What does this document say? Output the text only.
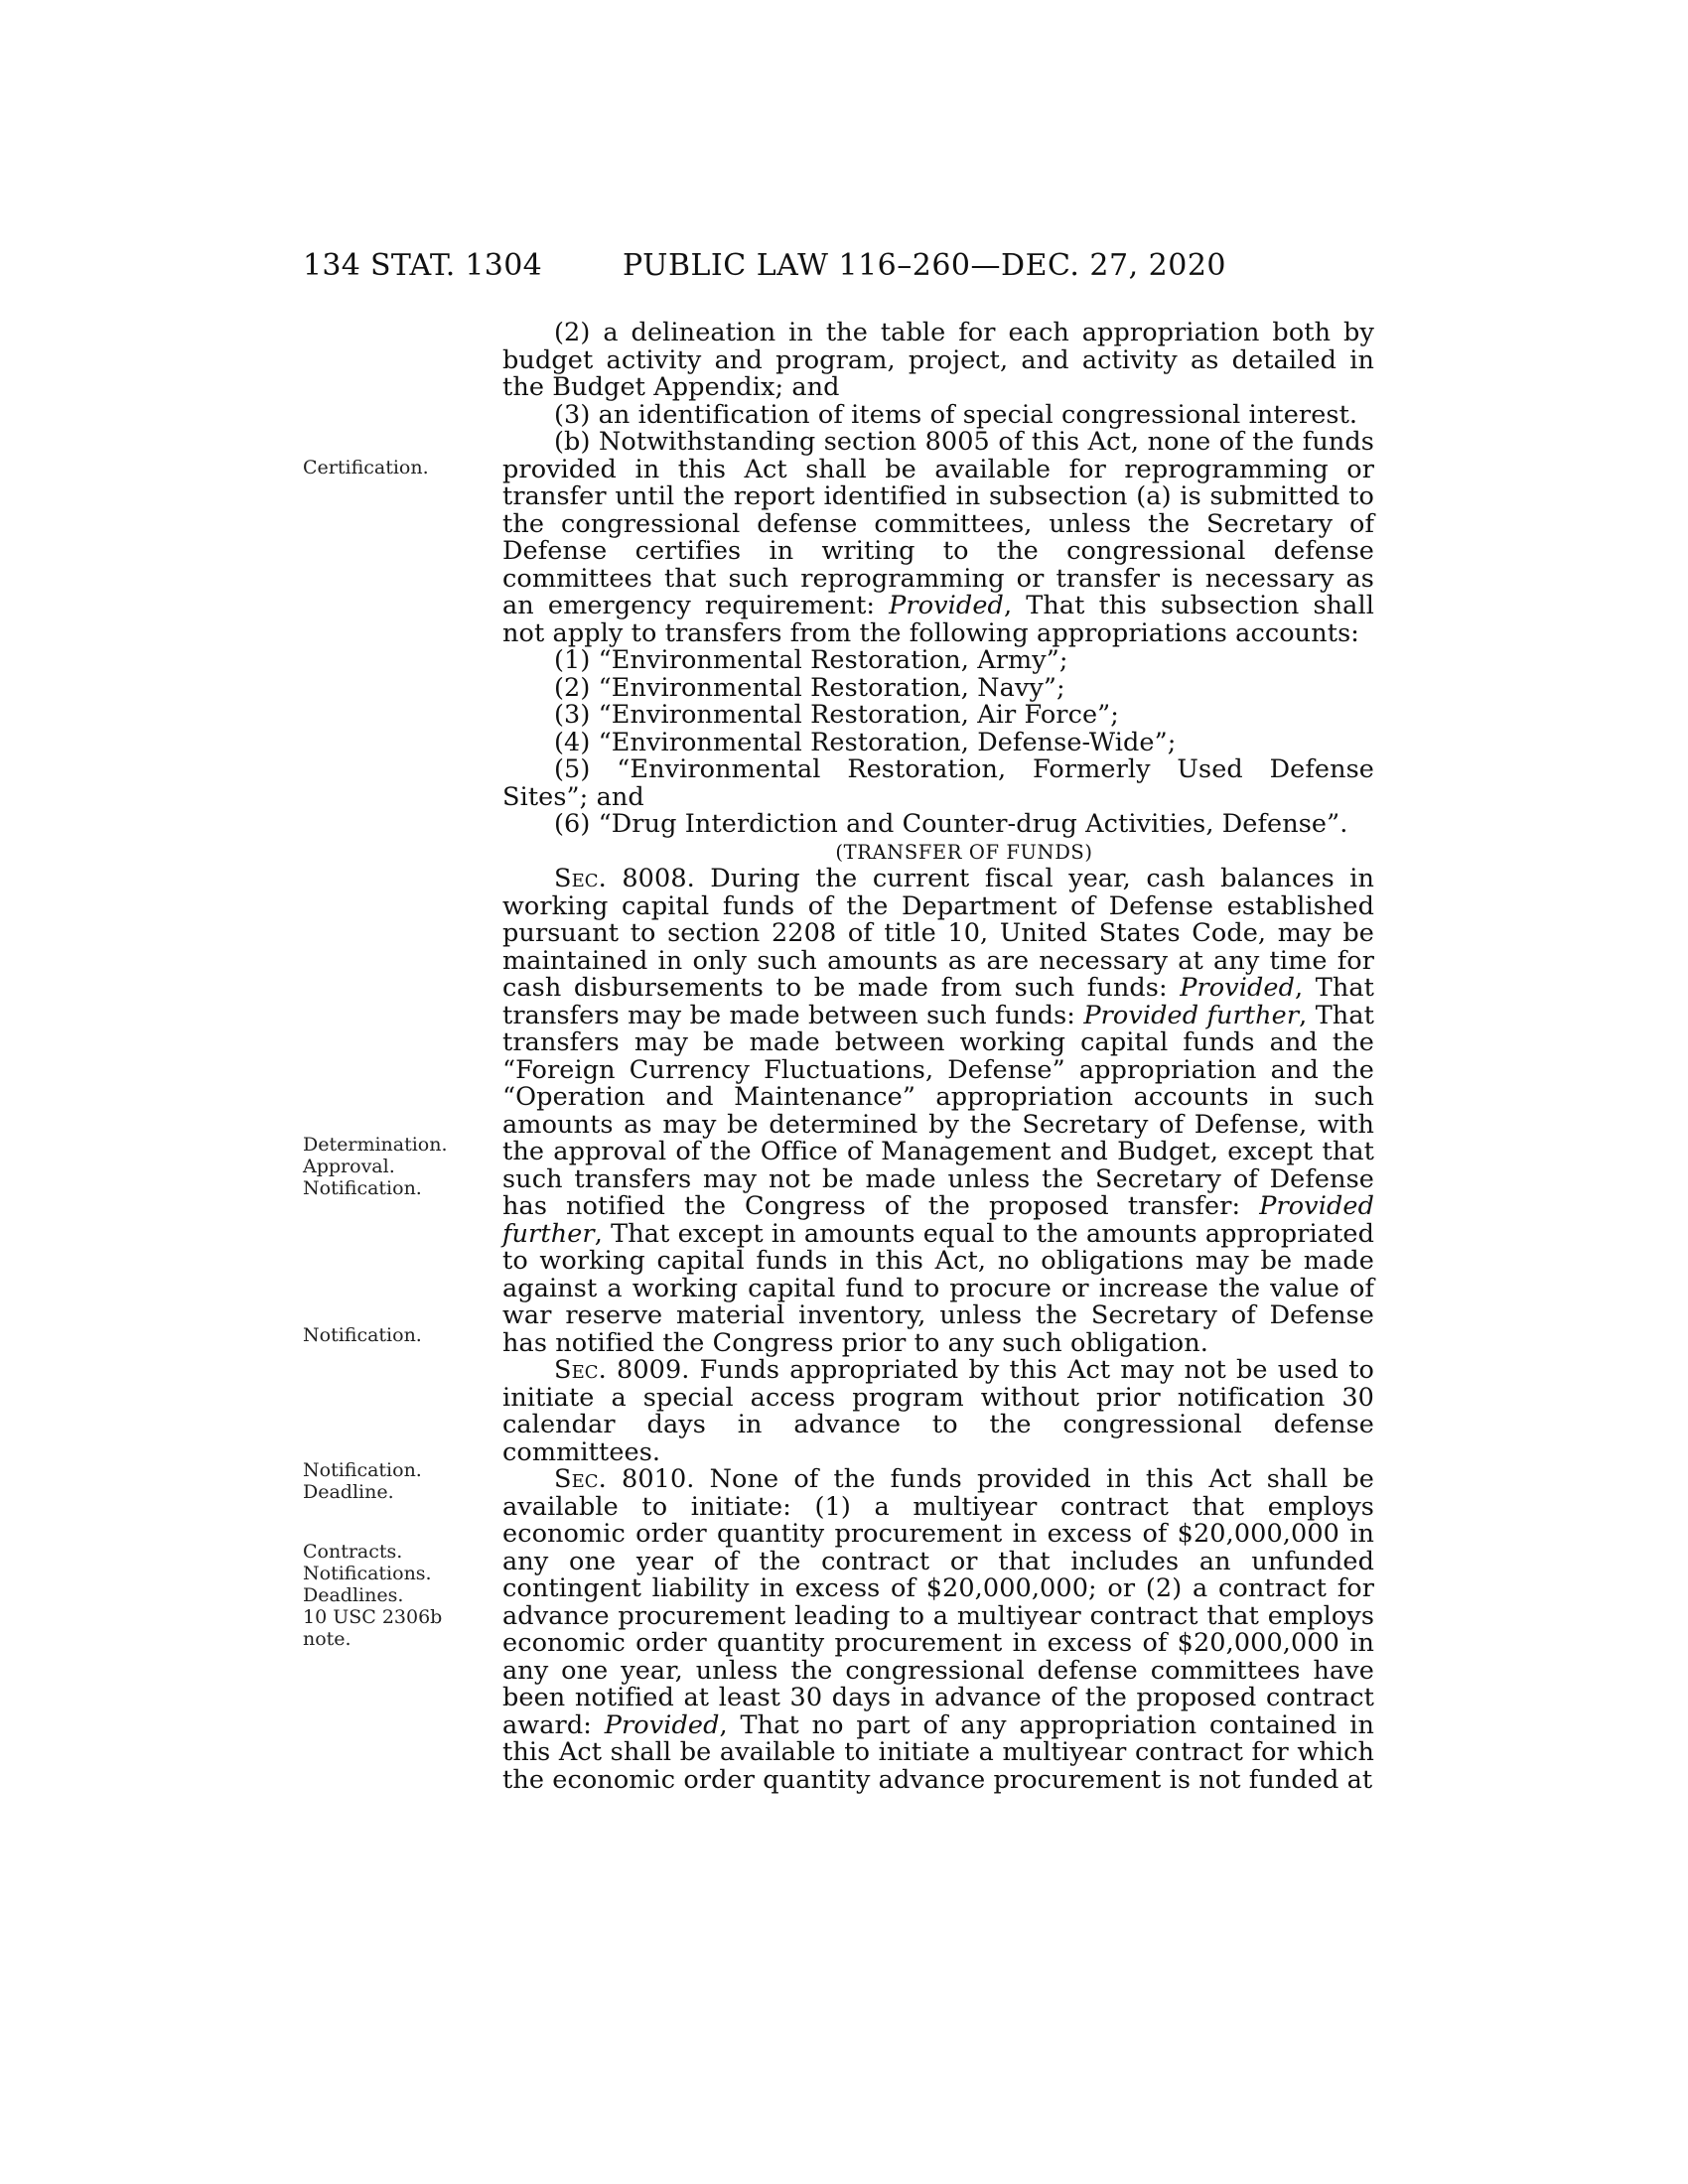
134 STAT. 1304	PUBLIC LAW 116–260—DEC. 27, 2020
Certification.
Determination.
Approval.
Notification.
Notification.
Notification.
Deadline.
Contracts.
Notifications.
Deadlines.
10 USC 2306b
note.

(2) a delineation in the table for each appropriation both by budget activity and program, project, and activity as detailed in the Budget Appendix; and

(3) an identification of items of special congressional interest.

(b) Notwithstanding section 8005 of this Act, none of the funds provided in this Act shall be available for reprogramming or transfer until the report identified in subsection (a) is submitted to the congressional defense committees, unless the Secretary of Defense certifies in writing to the congressional defense committees that such reprogramming or transfer is necessary as an emergency requirement: Provided, That this subsection shall not apply to transfers from the following appropriations accounts:

(1) “Environmental Restoration, Army”;

(2) “Environmental Restoration, Navy”;

(3) “Environmental Restoration, Air Force”;

(4) “Environmental Restoration, Defense-Wide”;

(5) “Environmental Restoration, Formerly Used Defense Sites”; and

(6) “Drug Interdiction and Counter-drug Activities, Defense”.

(TRANSFER OF FUNDS)

Sec. 8008. During the current fiscal year, cash balances in working capital funds of the Department of Defense established pursuant to section 2208 of title 10, United States Code, may be maintained in only such amounts as are necessary at any time for cash disbursements to be made from such funds: Provided, That transfers may be made between such funds: Provided further, That transfers may be made between working capital funds and the “Foreign Currency Fluctuations, Defense” appropriation and the “Operation and Maintenance” appropriation accounts in such amounts as may be determined by the Secretary of Defense, with the approval of the Office of Management and Budget, except that such transfers may not be made unless the Secretary of Defense has notified the Congress of the proposed transfer: Provided further, That except in amounts equal to the amounts appropriated to working capital funds in this Act, no obligations may be made against a working capital fund to procure or increase the value of war reserve material inventory, unless the Secretary of Defense has notified the Congress prior to any such obligation.

Sec. 8009. Funds appropriated by this Act may not be used to initiate a special access program without prior notification 30 calendar days in advance to the congressional defense committees.

Sec. 8010. None of the funds provided in this Act shall be available to initiate: (1) a multiyear contract that employs economic order quantity procurement in excess of $20,000,000 in any one year of the contract or that includes an unfunded contingent liability in excess of $20,000,000; or (2) a contract for advance procurement leading to a multiyear contract that employs economic order quantity procurement in excess of $20,000,000 in any one year, unless the congressional defense committees have been notified at least 30 days in advance of the proposed contract award: Provided, That no part of any appropriation contained in this Act shall be available to initiate a multiyear contract for which the economic order quantity advance procurement is not funded at
